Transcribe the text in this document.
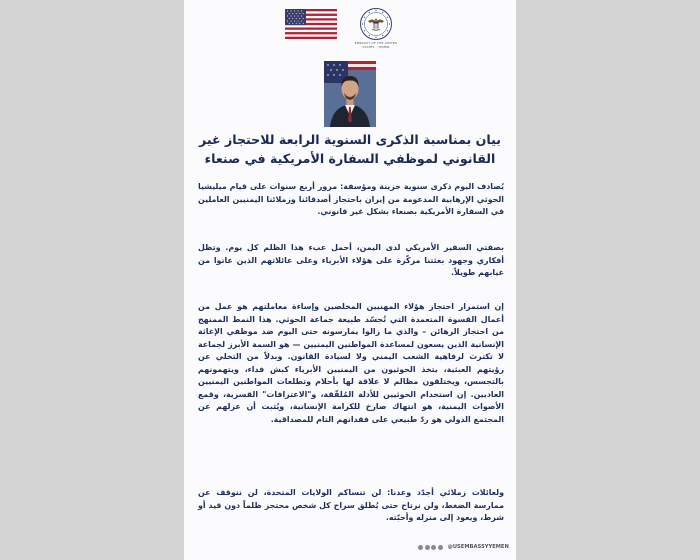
EMBASSY OF THE UNITED STATES · YEMEN
بيان بمناسبة الذكرى السنوية الرابعة للاحتجاز غير القانوني لموظفي السفارة الأمريكية في صنعاء
يُصادف اليوم ذكرى سنوية حزينة ومؤسفة: مرور أربع سنوات على قيام ميليشيا الحوثي الإرهابية المدعومة من إيران باحتجاز أصدقائنا وزملائنا اليمنيين العاملين في السفارة الأمريكية بصنعاء بشكل غير قانوني.
بصفتي السفير الأمريكي لدى اليمن، أحمل عبء هذا الظلم كل يوم. وتظل أفكاري وجهود بعثتنا مركّزة على هؤلاء الأبرياء وعلى عائلاتهم الذين عانوا من غيابهم طويلاً.
إن استمرار احتجاز هؤلاء المهنيين المخلصين وإساءة معاملتهم هو عمل من أعمال القسوة المتعمدة التي تُجسّد طبيعة جماعة الحوثي. هذا النمط الممنهج من احتجاز الرهائن – والذي ما زالوا يمارسونه حتى اليوم ضد موظفي الإغاثة الإنسانية الذين يسعون لمساعدة المواطنين اليمنيين — هو السمة الأبرز لجماعة لا تكترث لرفاهية الشعب اليمني ولا لسيادة القانون. وبدلاً من التخلي عن رؤيتهم العبثية، يتخذ الحوثيون من اليمنيين الأبرياء كبش فداء، ويتهمونهم بالتجسس، ويختلقون مظالم لا علاقة لها بأحلام وتطلعات المواطنين اليمنيين العاديين. إن استخدام الحوثيين للأدلة المُلفّقة، و"الاعترافات" القسرية، وقمع الأصوات اليمنية، هو انتهاك صارخ للكرامة الإنسانية، ويُثبت أن عزلهم عن المجتمع الدولي هو ردّ طبيعي على فقدانهم التام للمصداقية.
ولعائلات زملائي أجدّد وعدنا: لن تنساكم الولايات المتحدة، لن نتوقف عن ممارسة الضغط، ولن نرتاح حتى يُطلق سراح كل شخص محتجز ظلماً دون قيد أو شرط، ويعود إلى منزله وأحبّته.
@USEMBASSYYEMEN
